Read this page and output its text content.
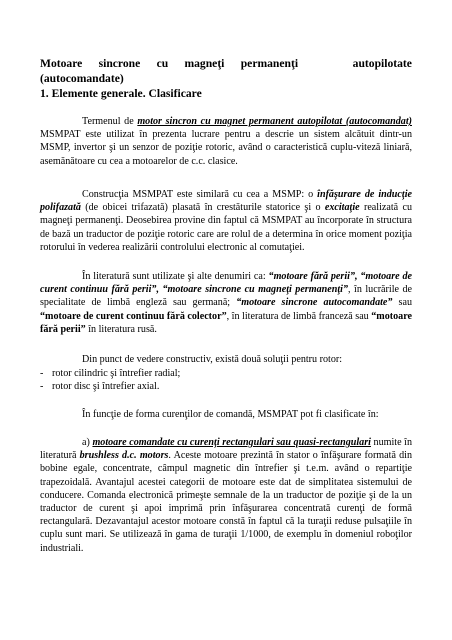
Motoare sincrone cu magneţi permanenţi	autopilotate
(autocomandate)
1. Elemente generale. Clasificare
Termenul de motor sincron cu magnet permanent autopilotat (autocomandat) MSMPAT este utilizat în prezenta lucrare pentru a descrie un sistem alcătuit dintr-un MSMP, invertor şi un senzor de poziţie rotoric, având o caracteristică cuplu-viteză liniară, asemănătoare cu cea a motoarelor de c.c. clasice.
Construcţia MSMPAT este similară cu cea a MSMP: o înfăşurare de inducţie polifazată (de obicei trifazată) plasată în crestăturile statorice şi o excitaţie realizată cu magneţi permanenţi. Deosebirea provine din faptul că MSMPAT au încorporate în structura de bază un traductor de poziţie rotoric care are rolul de a determina în orice moment poziţia rotorului în vederea realizării controlului electronic al comutaţiei.
În literatură sunt utilizate şi alte denumiri ca: “motoare fără perii”, “motoare de curent continuu fără perii”, “motoare sincrone cu magneţi permanenţi”, în lucrările de specialitate de limbă engleză sau germană; “motoare sincrone autocomandate” sau “motoare de curent continuu fără colector”, în literatura de limbă franceză sau “motoare fără perii” în literatura rusă.
Din punct de vedere constructiv, există două soluţii pentru rotor:
- rotor cilindric şi întrefier radial;
- rotor disc şi întrefier axial.
În funcţie de forma curenţilor de comandă, MSMPAT pot fi clasificate în:
a) motoare comandate cu curenţi rectangulari sau quasi-rectangulari numite în literatură brushless d.c. motors. Aceste motoare prezintă în stator o înfăşurare formată din bobine egale, concentrate, câmpul magnetic din întrefier şi t.e.m. având o repartiţie trapezoidală. Avantajul acestei categorii de motoare este dat de simplitatea sistemului de conducere. Comanda electronică primeşte semnale de la un traductor de poziţie şi de la un traductor de curent şi apoi imprimă prin înfăşurarea concentrată curenţi de formă rectangulară. Dezavantajul acestor motoare constă în faptul că la turaţii reduse pulsaţiile în cuplu sunt mari. Se utilizează în gama de turaţii 1/1000, de exemplu în domeniul roboţilor industriali.
